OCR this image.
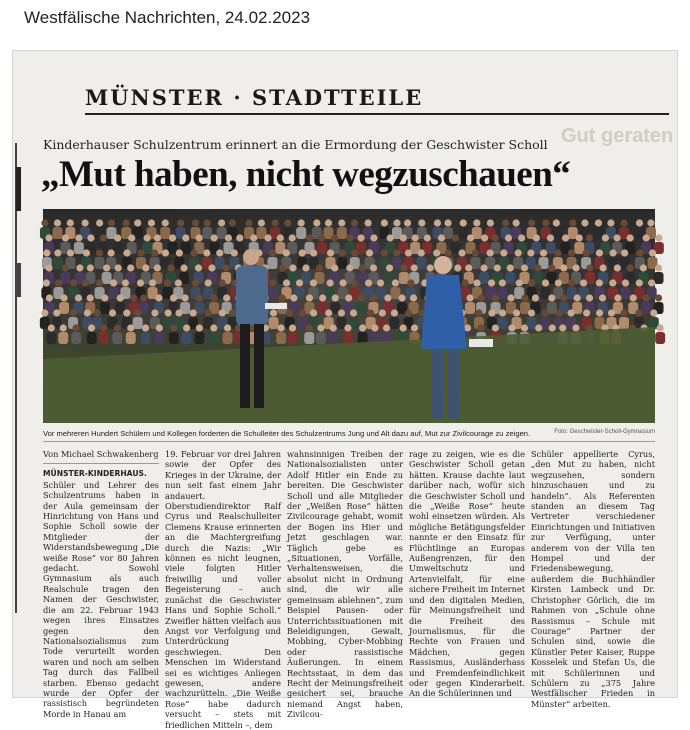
Westfälische Nachrichten, 24.02.2023
MÜNSTER · STADTTEILE
Gut geraten
Kinderhauser Schulzentrum erinnert an die Ermordung der Geschwister Scholl
„Mut haben, nicht wegzuschauen“
Vor mehreren Hundert Schülern und Kollegen forderten die Schulleiter des Schulzentrums Jung und Alt dazu auf, Mut zur Zivilcourage zu zeigen.	Foto: Geschwister-Scholl-Gymnasium

Von Michael Schwakenberg

MÜNSTER-KINDERHAUS. Schüler und Lehrer des Schulzentrums haben in der Aula gemeinsam der Hinrichtung von Hans und Sophie Scholl sowie der Mitglieder der Widerstandsbewegung „Die weiße Rose“ vor 80 Jahren gedacht. Sowohl Gymnasium als auch Realschule tragen den Namen der Geschwister, die am 22. Februar 1943 wegen ihres Einsatzes gegen den Nationalsozialismus zum Tode verurteilt worden waren und noch am selben Tag durch das Fallbeil starben. Ebenso gedacht wurde der Opfer der rassistisch begründeten Morde in Hanau am

19. Februar vor drei Jahren sowie der Opfer des Krieges in der Ukraine, der nun seit fast einem Jahr andauert. Oberstudiendirektor Ralf Cyrus und Realschulleiter Clemens Krause erinnerten an die Machtergreifung durch die Nazis: „Wir können es nicht leugnen, viele folgten Hitler freiwillig und voller Begeisterung – auch zunächst die Geschwister Hans und Sophie Scholl.“ Zweifler hätten vielfach aus Angst vor Verfolgung und Unterdrückung geschwiegen. Den Menschen im Widerstand sei es wichtiges Anliegen gewesen, andere wachzurütteln. „Die Weiße Rose“ habe dadurch versucht – stets mit friedlichen Mitteln –, dem

wahnsinnigen Treiben der Nationalsozialisten unter Adolf Hitler ein Ende zu bereiten. Die Geschwister Scholl und alle Mitglieder der „Weißen Rose“ hätten Zivilcourage gehabt, womit der Bogen ins Hier und Jetzt geschlagen war. Täglich gebe es „Situationen, Vorfälle, Verhaltensweisen, die absolut nicht in Ordnung sind, die wir alle gemeinsam ablehnen“, zum Beispiel Pausen- oder Unterrichtssituationen mit Beleidigungen, Gewalt, Mobbing, Cyber-Mobbing oder rassistische Äußerungen. In einem Rechtsstaat, in dem das Recht der Meinungsfreiheit gesichert sei, brauche niemand Angst haben, Zivilcou-

rage zu zeigen, wie es die Geschwister Scholl getan hätten. Krause dachte laut darüber nach, wofür sich die Geschwister Scholl und die „Weiße Rose“ heute wohl einsetzen würden. Als mögliche Betätigungsfelder nannte er den Einsatz für Flüchtlinge an Europas Außengrenzen, für den Umweltschutz und Artenvielfalt, für eine sichere Freiheit im Internet und den digitalen Medien, für Meinungsfreiheit und die Freiheit des Journalismus, für die Rechte von Frauen und Mädchen, gegen Rassismus, Ausländerhass und Fremdenfeindlichkeit oder gegen Kinderarbeit. An die Schülerinnen und

Schüler appellierte Cyrus, „den Mut zu haben, nicht wegzusehen, sondern hinzuschauen und zu handeln“. Als Referenten standen an diesem Tag Vertreter verschiedener Einrichtungen und Initiativen zur Verfügung, unter anderem von der Villa ten Hompel und der Friedensbewegung, außerdem die Buchhändler Kirsten Lambeck und Dr. Christopher Görlich, die im Rahmen von „Schule ohne Rassismus – Schule mit Courage“ Partner der Schulen sind, sowie die Künstler Peter Kaiser, Ruppe Kosselek und Stefan Us, die mit Schülerinnen und Schülern zu „375 Jahre Westfälischer Frieden in Münster“ arbeiten.
